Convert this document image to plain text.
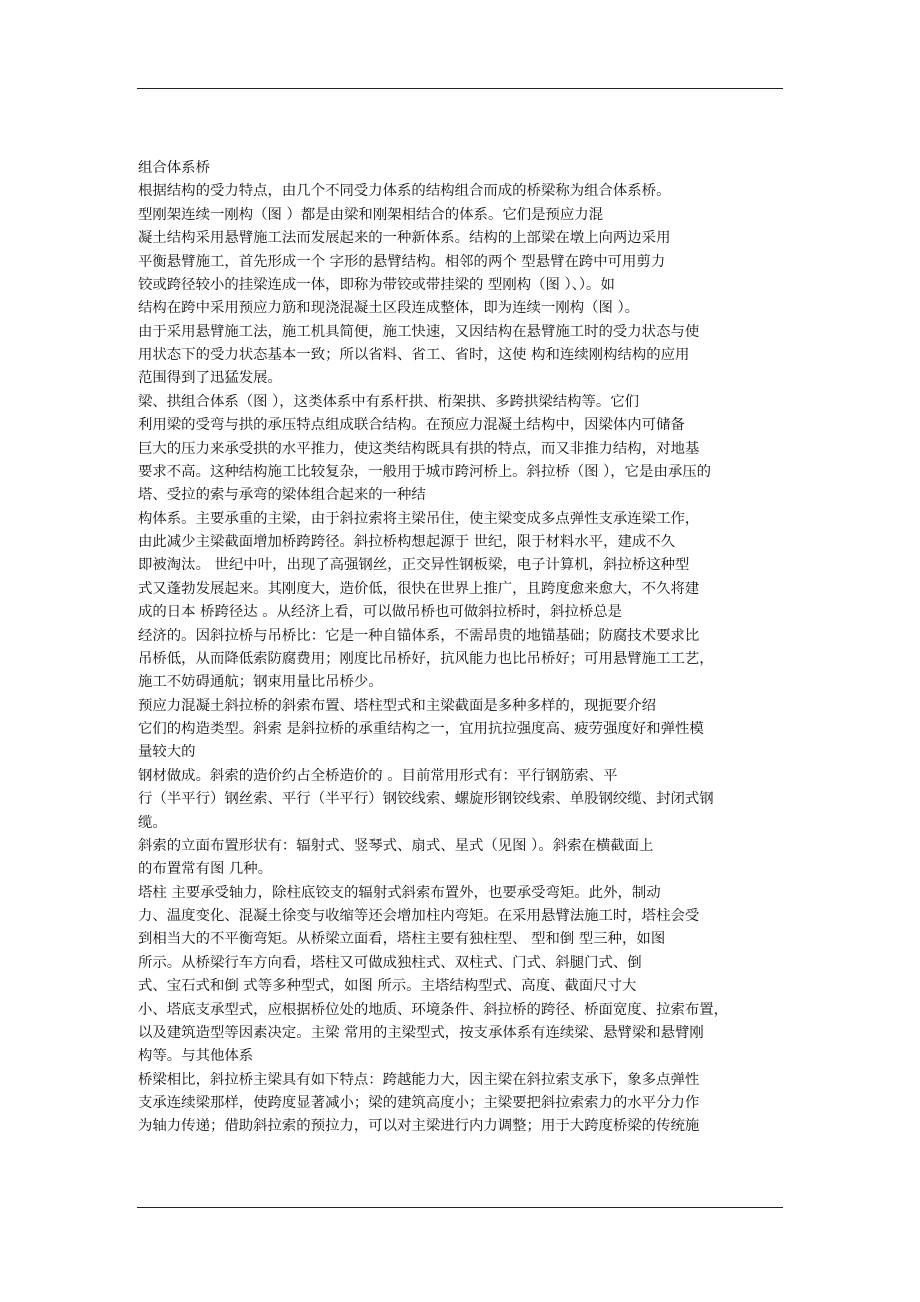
组合体系桥
根据结构的受力特点，由几个不同受力体系的结构组合而成的桥梁称为组合体系桥。
型刚架连续一刚构（图 ）都是由梁和刚架相结合的体系。它们是预应力混
凝土结构采用悬臂施工法而发展起来的一种新体系。结构的上部梁在墩上向两边采用
平衡悬臂施工，首先形成一个 字形的悬臂结构。相邻的两个 型悬臂在跨中可用剪力
铰或跨径较小的挂梁连成一体，即称为带铰或带挂梁的 型刚构（图 ）、）。如
结构在跨中采用预应力筋和现浇混凝土区段连成整体，即为连续一刚构（图 ）。
由于采用悬臂施工法，施工机具简便，施工快速，又因结构在悬臂施工时的受力状态与使
用状态下的受力状态基本一致；所以省料、省工、省时，这使 构和连续刚构结构的应用
范围得到了迅猛发展。
梁、拱组合体系（图 ），这类体系中有系杆拱、桁架拱、多跨拱梁结构等。它们
利用梁的受弯与拱的承压特点组成联合结构。在预应力混凝土结构中，因梁体内可储备
巨大的压力来承受拱的水平推力，使这类结构既具有拱的特点，而又非推力结构，对地基
要求不高。这种结构施工比较复杂，一般用于城市跨河桥上。斜拉桥（图 ），它是由承压的
塔、受拉的索与承弯的梁体组合起来的一种结
构体系。主要承重的主梁，由于斜拉索将主梁吊住，使主梁变成多点弹性支承连梁工作，
由此减少主梁截面增加桥跨跨径。斜拉桥构想起源于 世纪，限于材料水平，建成不久
即被淘汰。 世纪中叶，出现了高强钢丝，正交异性钢板梁，电子计算机，斜拉桥这种型
式又蓬勃发展起来。其刚度大，造价低，很快在世界上推广，且跨度愈来愈大，不久将建
成的日本 桥跨径达 。从经济上看，可以做吊桥也可做斜拉桥时，斜拉桥总是
经济的。因斜拉桥与吊桥比：它是一种自锚体系，不需昂贵的地锚基础；防腐技术要求比
吊桥低，从而降低索防腐费用；刚度比吊桥好，抗风能力也比吊桥好；可用悬臂施工工艺，
施工不妨碍通航；钢束用量比吊桥少。
预应力混凝土斜拉桥的斜索布置、塔柱型式和主梁截面是多种多样的，现扼要介绍
它们的构造类型。斜索 是斜拉桥的承重结构之一，宜用抗拉强度高、疲劳强度好和弹性模
量较大的
钢材做成。斜索的造价约占全桥造价的 。目前常用形式有：平行钢筋索、平
行（半平行）钢丝索、平行（半平行）钢铰线索、螺旋形钢铰线索、单股钢绞缆、封闭式钢
缆。
斜索的立面布置形状有：辐射式、竖琴式、扇式、星式（见图 ）。斜索在横截面上
的布置常有图 几种。
塔柱 主要承受轴力，除柱底铰支的辐射式斜索布置外，也要承受弯矩。此外，制动
力、温度变化、混凝土徐变与收缩等还会增加柱内弯矩。在采用悬臂法施工时，塔柱会受
到相当大的不平衡弯矩。从桥梁立面看，塔柱主要有独柱型、 型和倒 型三种，如图
所示。从桥梁行车方向看，塔柱又可做成独柱式、双柱式、门式、斜腿门式、倒
式、宝石式和倒 式等多种型式，如图 所示。主塔结构型式、高度、截面尺寸大
小、塔底支承型式，应根据桥位处的地质、环境条件、斜拉桥的跨径、桥面宽度、拉索布置，
以及建筑造型等因素决定。主梁 常用的主梁型式，按支承体系有连续梁、悬臂梁和悬臂刚
构等。与其他体系
桥梁相比，斜拉桥主梁具有如下特点：跨越能力大，因主梁在斜拉索支承下，象多点弹性
支承连续梁那样，使跨度显著减小；梁的建筑高度小；主梁要把斜拉索索力的水平分力作
为轴力传递；借助斜拉索的预拉力，可以对主梁进行内力调整；用于大跨度桥梁的传统施
